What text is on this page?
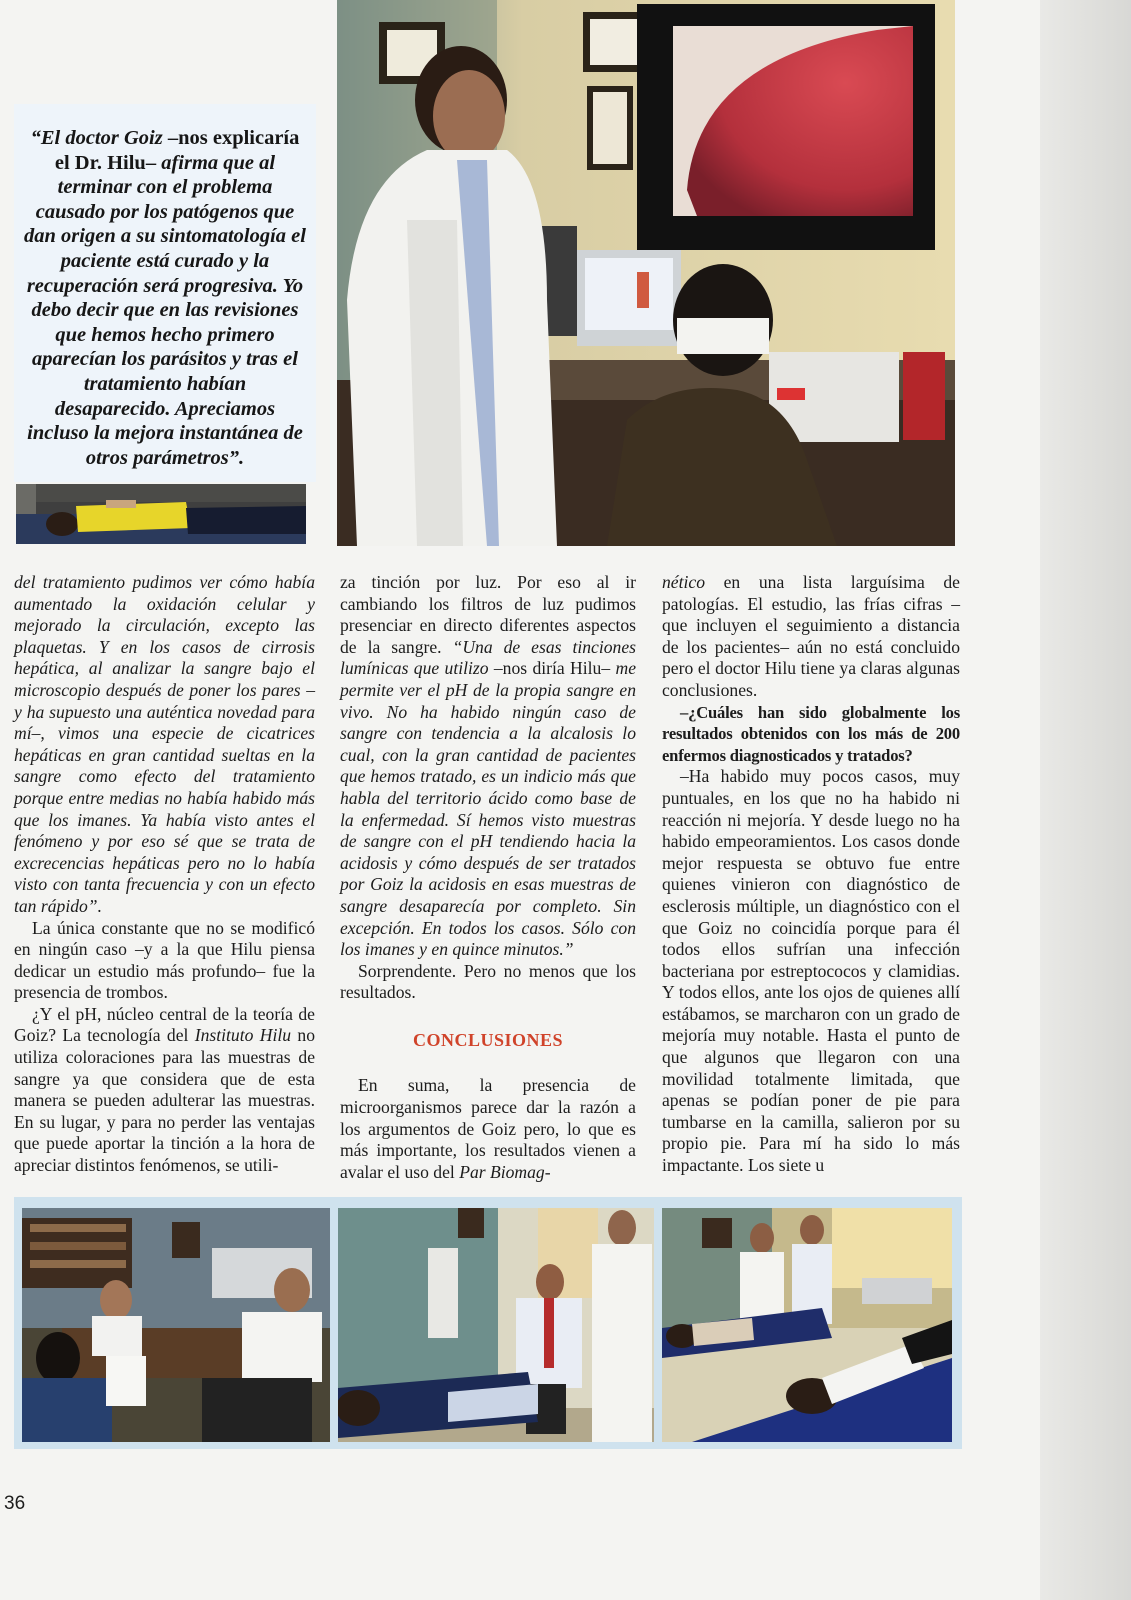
“El doctor Goiz –nos explicaría el Dr. Hilu– afirma que al terminar con el problema causado por los patógenos que dan origen a su sintomatología el paciente está curado y la recuperación será progresiva. Yo debo decir que en las revisiones que hemos hecho primero aparecían los parásitos y tras el tratamiento habían desaparecido. Apreciamos incluso la mejora instantánea de otros parámetros”.

del tratamiento pudimos ver cómo había aumentado la oxidación celular y mejorado la circulación, excepto las plaquetas. Y en los casos de cirrosis hepática, al analizar la sangre bajo el microscopio después de poner los pares –y ha supuesto una auténtica novedad para mí–, vimos una especie de cicatrices hepáticas en gran cantidad sueltas en la sangre como efecto del tratamiento porque entre medias no había habido más que los imanes. Ya había visto antes el fenómeno y por eso sé que se trata de excrecencias hepáticas pero no lo había visto con tanta frecuencia y con un efecto tan rápido”.

La única constante que no se modificó en ningún caso –y a la que Hilu piensa dedicar un estudio más profundo– fue la presencia de trombos.

¿Y el pH, núcleo central de la teoría de Goiz? La tecnología del Instituto Hilu no utiliza coloraciones para las muestras de sangre ya que considera que de esta manera se pueden adulterar las muestras. En su lugar, y para no perder las ventajas que puede aportar la tinción a la hora de apreciar distintos fenómenos, se utili-

za tinción por luz. Por eso al ir cambiando los filtros de luz pudimos presenciar en directo diferentes aspectos de la sangre. “Una de esas tinciones lumínicas que utilizo –nos diría Hilu– me permite ver el pH de la propia sangre en vivo. No ha habido ningún caso de sangre con tendencia a la alcalosis lo cual, con la gran cantidad de pacientes que hemos tratado, es un indicio más que habla del territorio ácido como base de la enfermedad. Sí hemos visto muestras de sangre con el pH tendiendo hacia la acidosis y cómo después de ser tratados por Goiz la acidosis en esas muestras de sangre desaparecía por completo. Sin excepción. En todos los casos. Sólo con los imanes y en quince minutos.”

Sorprendente. Pero no menos que los resultados.

CONCLUSIONES

En suma, la presencia de microorganismos parece dar la razón a los argumentos de Goiz pero, lo que es más importante, los resultados vienen a avalar el uso del Par Biomag-

nético en una lista larguísima de patologías. El estudio, las frías cifras –que incluyen el seguimiento a distancia de los pacientes– aún no está concluido pero el doctor Hilu tiene ya claras algunas conclusiones.

–¿Cuáles han sido globalmente los resultados obtenidos con los más de 200 enfermos diagnosticados y tratados?

–Ha habido muy pocos casos, muy puntuales, en los que no ha habido ni reacción ni mejoría. Y desde luego no ha habido empeoramientos. Los casos donde mejor respuesta se obtuvo fue entre quienes vinieron con diagnóstico de esclerosis múltiple, un diagnóstico con el que Goiz no coincidía porque para él todos ellos sufrían una infección bacteriana por estreptococos y clamidias. Y todos ellos, ante los ojos de quienes allí estábamos, se marcharon con un grado de mejoría muy notable. Hasta el punto de que algunos que llegaron con una movilidad totalmente limitada, que apenas se podían poner de pie para tumbarse en la camilla, salieron por su propio pie. Para mí ha sido lo más impactante. Los siete u

36
